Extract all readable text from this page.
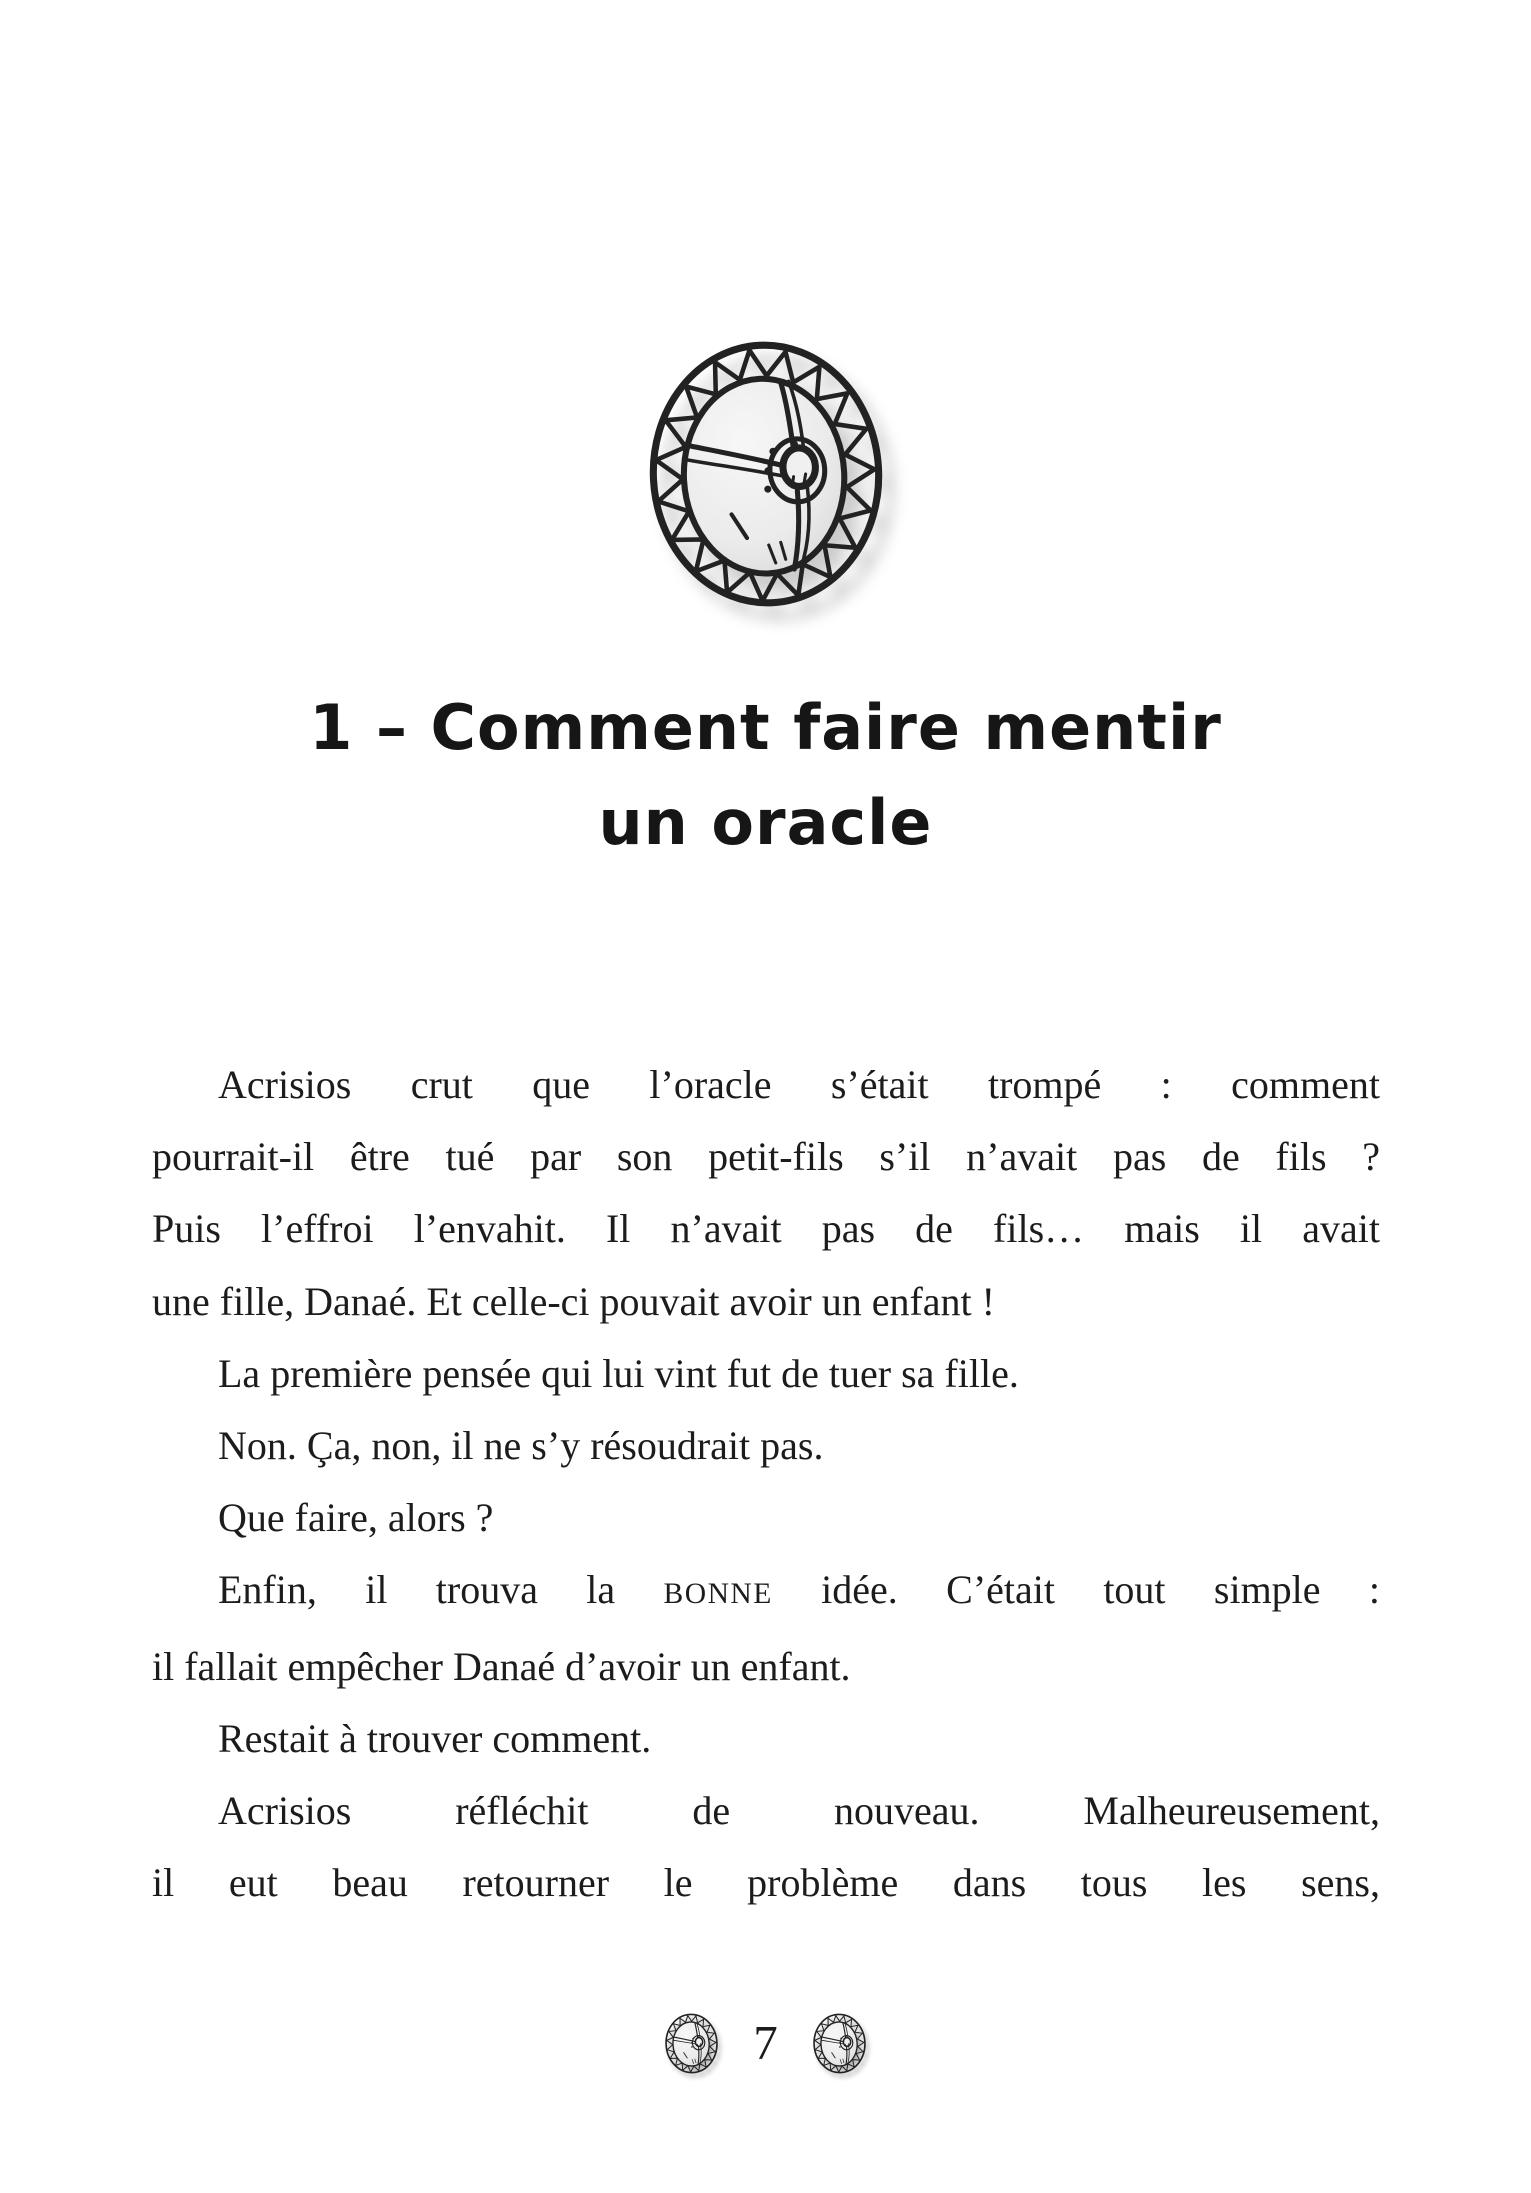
1 – Comment faire mentir
un oracle
Acrisios crut que l’oracle s’était trompé : comment
pourrait-il être tué par son petit-fils s’il n’avait pas de fils ?
Puis l’effroi l’envahit. Il n’avait pas de fils… mais il avait
une fille, Danaé. Et celle-ci pouvait avoir un enfant !
La première pensée qui lui vint fut de tuer sa fille.
Non. Ça, non, il ne s’y résoudrait pas.
Que faire, alors ?
Enfin, il trouva la BONNE idée. C’était tout simple :
il fallait empêcher Danaé d’avoir un enfant.
Restait à trouver comment.
Acrisios réfléchit de nouveau. Malheureusement,
il eut beau retourner le problème dans tous les sens,
7
